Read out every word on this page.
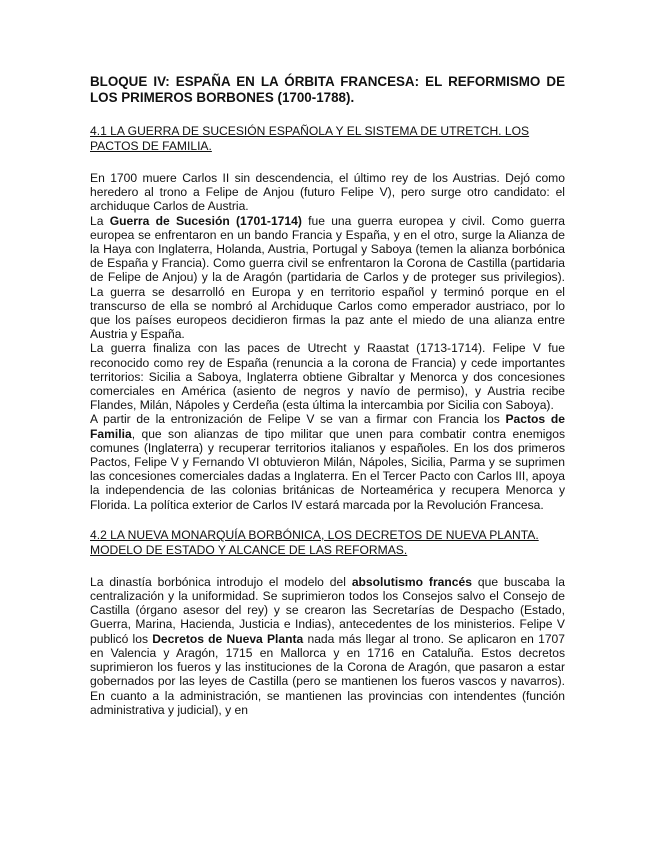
BLOQUE IV: ESPAÑA EN LA ÓRBITA FRANCESA: EL REFORMISMO DE LOS PRIMEROS BORBONES (1700-1788).
4.1 LA GUERRA DE SUCESIÓN ESPAÑOLA Y EL SISTEMA DE UTRETCH. LOS PACTOS DE FAMILIA.

En 1700 muere Carlos II sin descendencia, el último rey de los Austrias. Dejó como heredero al trono a Felipe de Anjou (futuro Felipe V), pero surge otro candidato: el archiduque Carlos de Austria.

La Guerra de Sucesión (1701-1714) fue una guerra europea y civil. Como guerra europea se enfrentaron en un bando Francia y España, y en el otro, surge la Alianza de la Haya con Inglaterra, Holanda, Austria, Portugal y Saboya (temen la alianza borbónica de España y Francia). Como guerra civil se enfrentaron la Corona de Castilla (partidaria de Felipe de Anjou) y la de Aragón (partidaria de Carlos y de proteger sus privilegios). La guerra se desarrolló en Europa y en territorio español y terminó porque en el transcurso de ella se nombró al Archiduque Carlos como emperador austriaco, por lo que los países europeos decidieron firmas la paz ante el miedo de una alianza entre Austria y España.

La guerra finaliza con las paces de Utrecht y Raastat (1713-1714). Felipe V fue reconocido como rey de España (renuncia a la corona de Francia) y cede importantes territorios: Sicilia a Saboya, Inglaterra obtiene Gibraltar y Menorca y dos concesiones comerciales en América (asiento de negros y navío de permiso), y Austria recibe Flandes, Milán, Nápoles y Cerdeña (esta última la intercambia por Sicilia con Saboya).

A partir de la entronización de Felipe V se van a firmar con Francia los Pactos de Familia, que son alianzas de tipo militar que unen para combatir contra enemigos comunes (Inglaterra) y recuperar territorios italianos y españoles. En los dos primeros Pactos, Felipe V y Fernando VI obtuvieron Milán, Nápoles, Sicilia, Parma y se suprimen las concesiones comerciales dadas a Inglaterra. En el Tercer Pacto con Carlos III, apoya la independencia de las colonias británicas de Norteamérica y recupera Menorca y Florida. La política exterior de Carlos IV estará marcada por la Revolución Francesa.

4.2 LA NUEVA MONARQUÍA BORBÓNICA, LOS DECRETOS DE NUEVA PLANTA. MODELO DE ESTADO Y ALCANCE DE LAS REFORMAS.

La dinastía borbónica introdujo el modelo del absolutismo francés que buscaba la centralización y la uniformidad. Se suprimieron todos los Consejos salvo el Consejo de Castilla (órgano asesor del rey) y se crearon las Secretarías de Despacho (Estado, Guerra, Marina, Hacienda, Justicia e Indias), antecedentes de los ministerios. Felipe V publicó los Decretos de Nueva Planta nada más llegar al trono. Se aplicaron en 1707 en Valencia y Aragón, 1715 en Mallorca y en 1716 en Cataluña. Estos decretos suprimieron los fueros y las instituciones de la Corona de Aragón, que pasaron a estar gobernados por las leyes de Castilla (pero se mantienen los fueros vascos y navarros). En cuanto a la administración, se mantienen las provincias con intendentes (función administrativa y judicial), y en
